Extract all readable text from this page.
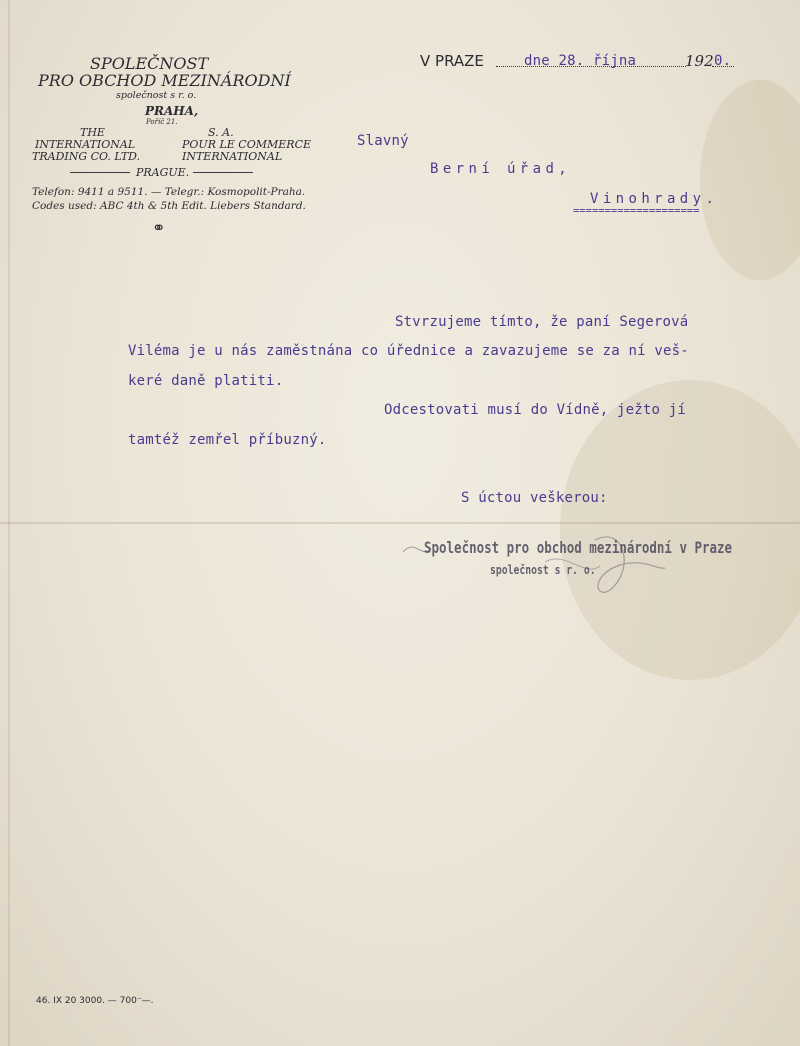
SPOLEČNOST
PRO OBCHOD MEZINÁRODNÍ
společnost s r. o.
PRAHA,
Poříč 21.
THE
INTERNATIONAL
TRADING CO. LTD.
S. A.
POUR LE COMMERCE
INTERNATIONAL
PRAGUE.
Telefon: 9411 a 9511. — Telegr.: Kosmopolit-Praha.
Codes used: ABC 4th & 5th Edit. Liebers Standard.
⚭
V PRAZE	dne 28. října	192 0.
Slavný
Berní úřad,
Vinohrady.
====================
Stvrzujeme tímto, že paní Segerová
Viléma je u nás zaměstnána co úřednice a zavazujeme se za ní veš-
keré daně platiti.
Odcestovati musí do Vídně, ježto jí
tamtéž zemřel příbuzný.
S úctou veškerou:
Společnost pro obchod mezinárodní v Praze
společnost s r. o.
46. IX 20 3000. — 700⁻—.
